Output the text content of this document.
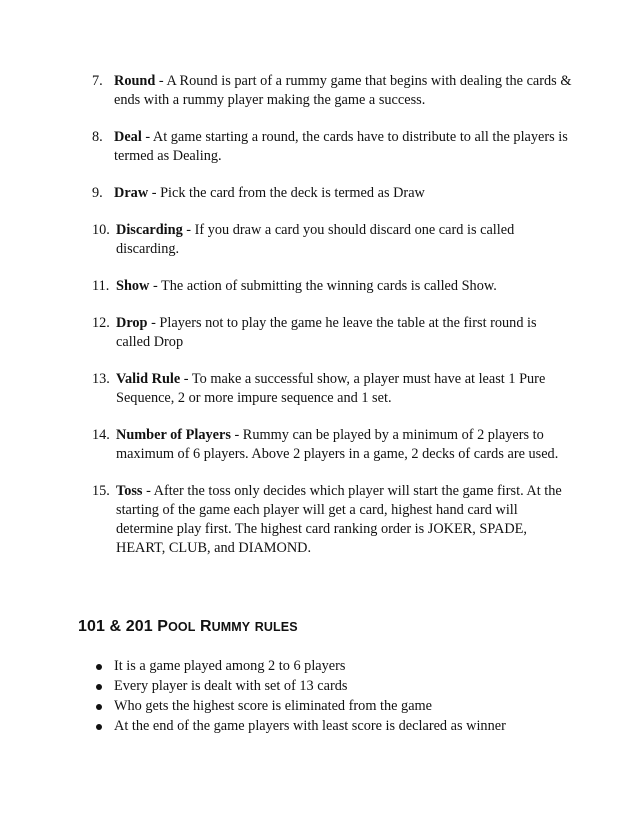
7. Round - A Round is part of a rummy game that begins with dealing the cards & ends with a rummy player making the game a success.
8. Deal - At game starting a round, the cards have to distribute to all the players is termed as Dealing.
9. Draw - Pick the card from the deck is termed as Draw
10. Discarding - If you draw a card you should discard one card is called discarding.
11. Show - The action of submitting the winning cards is called Show.
12. Drop - Players not to play the game he leave the table at the first round is called Drop
13. Valid Rule - To make a successful show, a player must have at least 1 Pure Sequence, 2 or more impure sequence and 1 set.
14. Number of Players - Rummy can be played by a minimum of 2 players to maximum of 6 players. Above 2 players in a game, 2 decks of cards are used.
15. Toss - After the toss only decides which player will start the game first. At the starting of the game each player will get a card, highest hand card will determine play first. The highest card ranking order is JOKER, SPADE, HEART, CLUB, and DIAMOND.
101 & 201 POOL RUMMY RULES
It is a game played among 2 to 6 players
Every player is dealt with set of 13 cards
Who gets the highest score is eliminated from the game
At the end of the game players with least score is declared as winner
